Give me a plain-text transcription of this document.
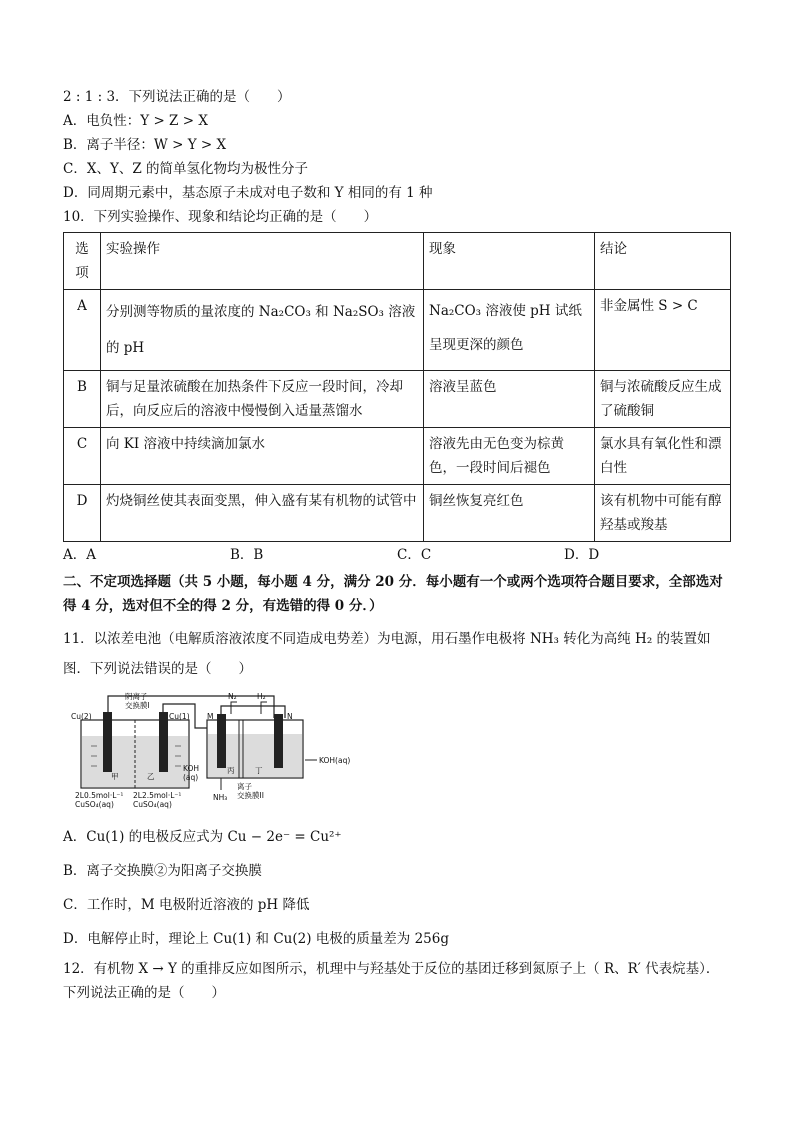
2 : 1 : 3．下列说法正确的是（　　）
A．电负性：Y > Z > X
B．离子半径：W > Y > X
C．X、Y、Z 的简单氢化物均为极性分子
D．同周期元素中，基态原子未成对电子数和 Y 相同的有 1 种
10．下列实验操作、现象和结论均正确的是（　　）
选项	实验操作	现象	结论
A	分别测等物质的量浓度的 Na₂CO₃ 和 Na₂SO₃ 溶液的 pH	Na₂CO₃ 溶液使 pH 试纸呈现更深的颜色	非金属性 S > C
B	铜与足量浓硫酸在加热条件下反应一段时间，冷却后，向反应后的溶液中慢慢倒入适量蒸馏水	溶液呈蓝色	铜与浓硫酸反应生成了硫酸铜
C	向 KI 溶液中持续滴加氯水	溶液先由无色变为棕黄色，一段时间后褪色	氯水具有氧化性和漂白性
D	灼烧铜丝使其表面变黑，伸入盛有某有机物的试管中	铜丝恢复亮红色	该有机物中可能有醇羟基或羧基
A．A	B．B	C．C	D．D
二、不定项选择题（共 5 小题，每小题 4 分，满分 20 分．每小题有一个或两个选项符合题目要求，全部选对得 4 分，选对但不全的得 2 分，有选错的得 0 分．）
11．以浓差电池（电解质溶液浓度不同造成电势差）为电源，用石墨作电极将 NH₃ 转化为高纯 H₂ 的装置如图．下列说法错误的是（　　）
Cu(2)
阴离子
交换膜I
Cu(1) M
N₂	H₂
N
KOH
(aq)
甲	乙
丙	丁
KOH(aq)
2L0.5mol·L⁻¹
CuSO₄(aq)
2L2.5mol·L⁻¹
CuSO₄(aq)
NH₃
离子
交换膜II
A．Cu(1) 的电极反应式为 Cu − 2e⁻ = Cu²⁺
B．离子交换膜②为阳离子交换膜
C．工作时，M 电极附近溶液的 pH 降低
D．电解停止时，理论上 Cu(1) 和 Cu(2) 电极的质量差为 256g
12．有机物 X → Y 的重排反应如图所示，机理中与羟基处于反位的基团迁移到氮原子上（ R、R′ 代表烷基）．
下列说法正确的是（　　）
